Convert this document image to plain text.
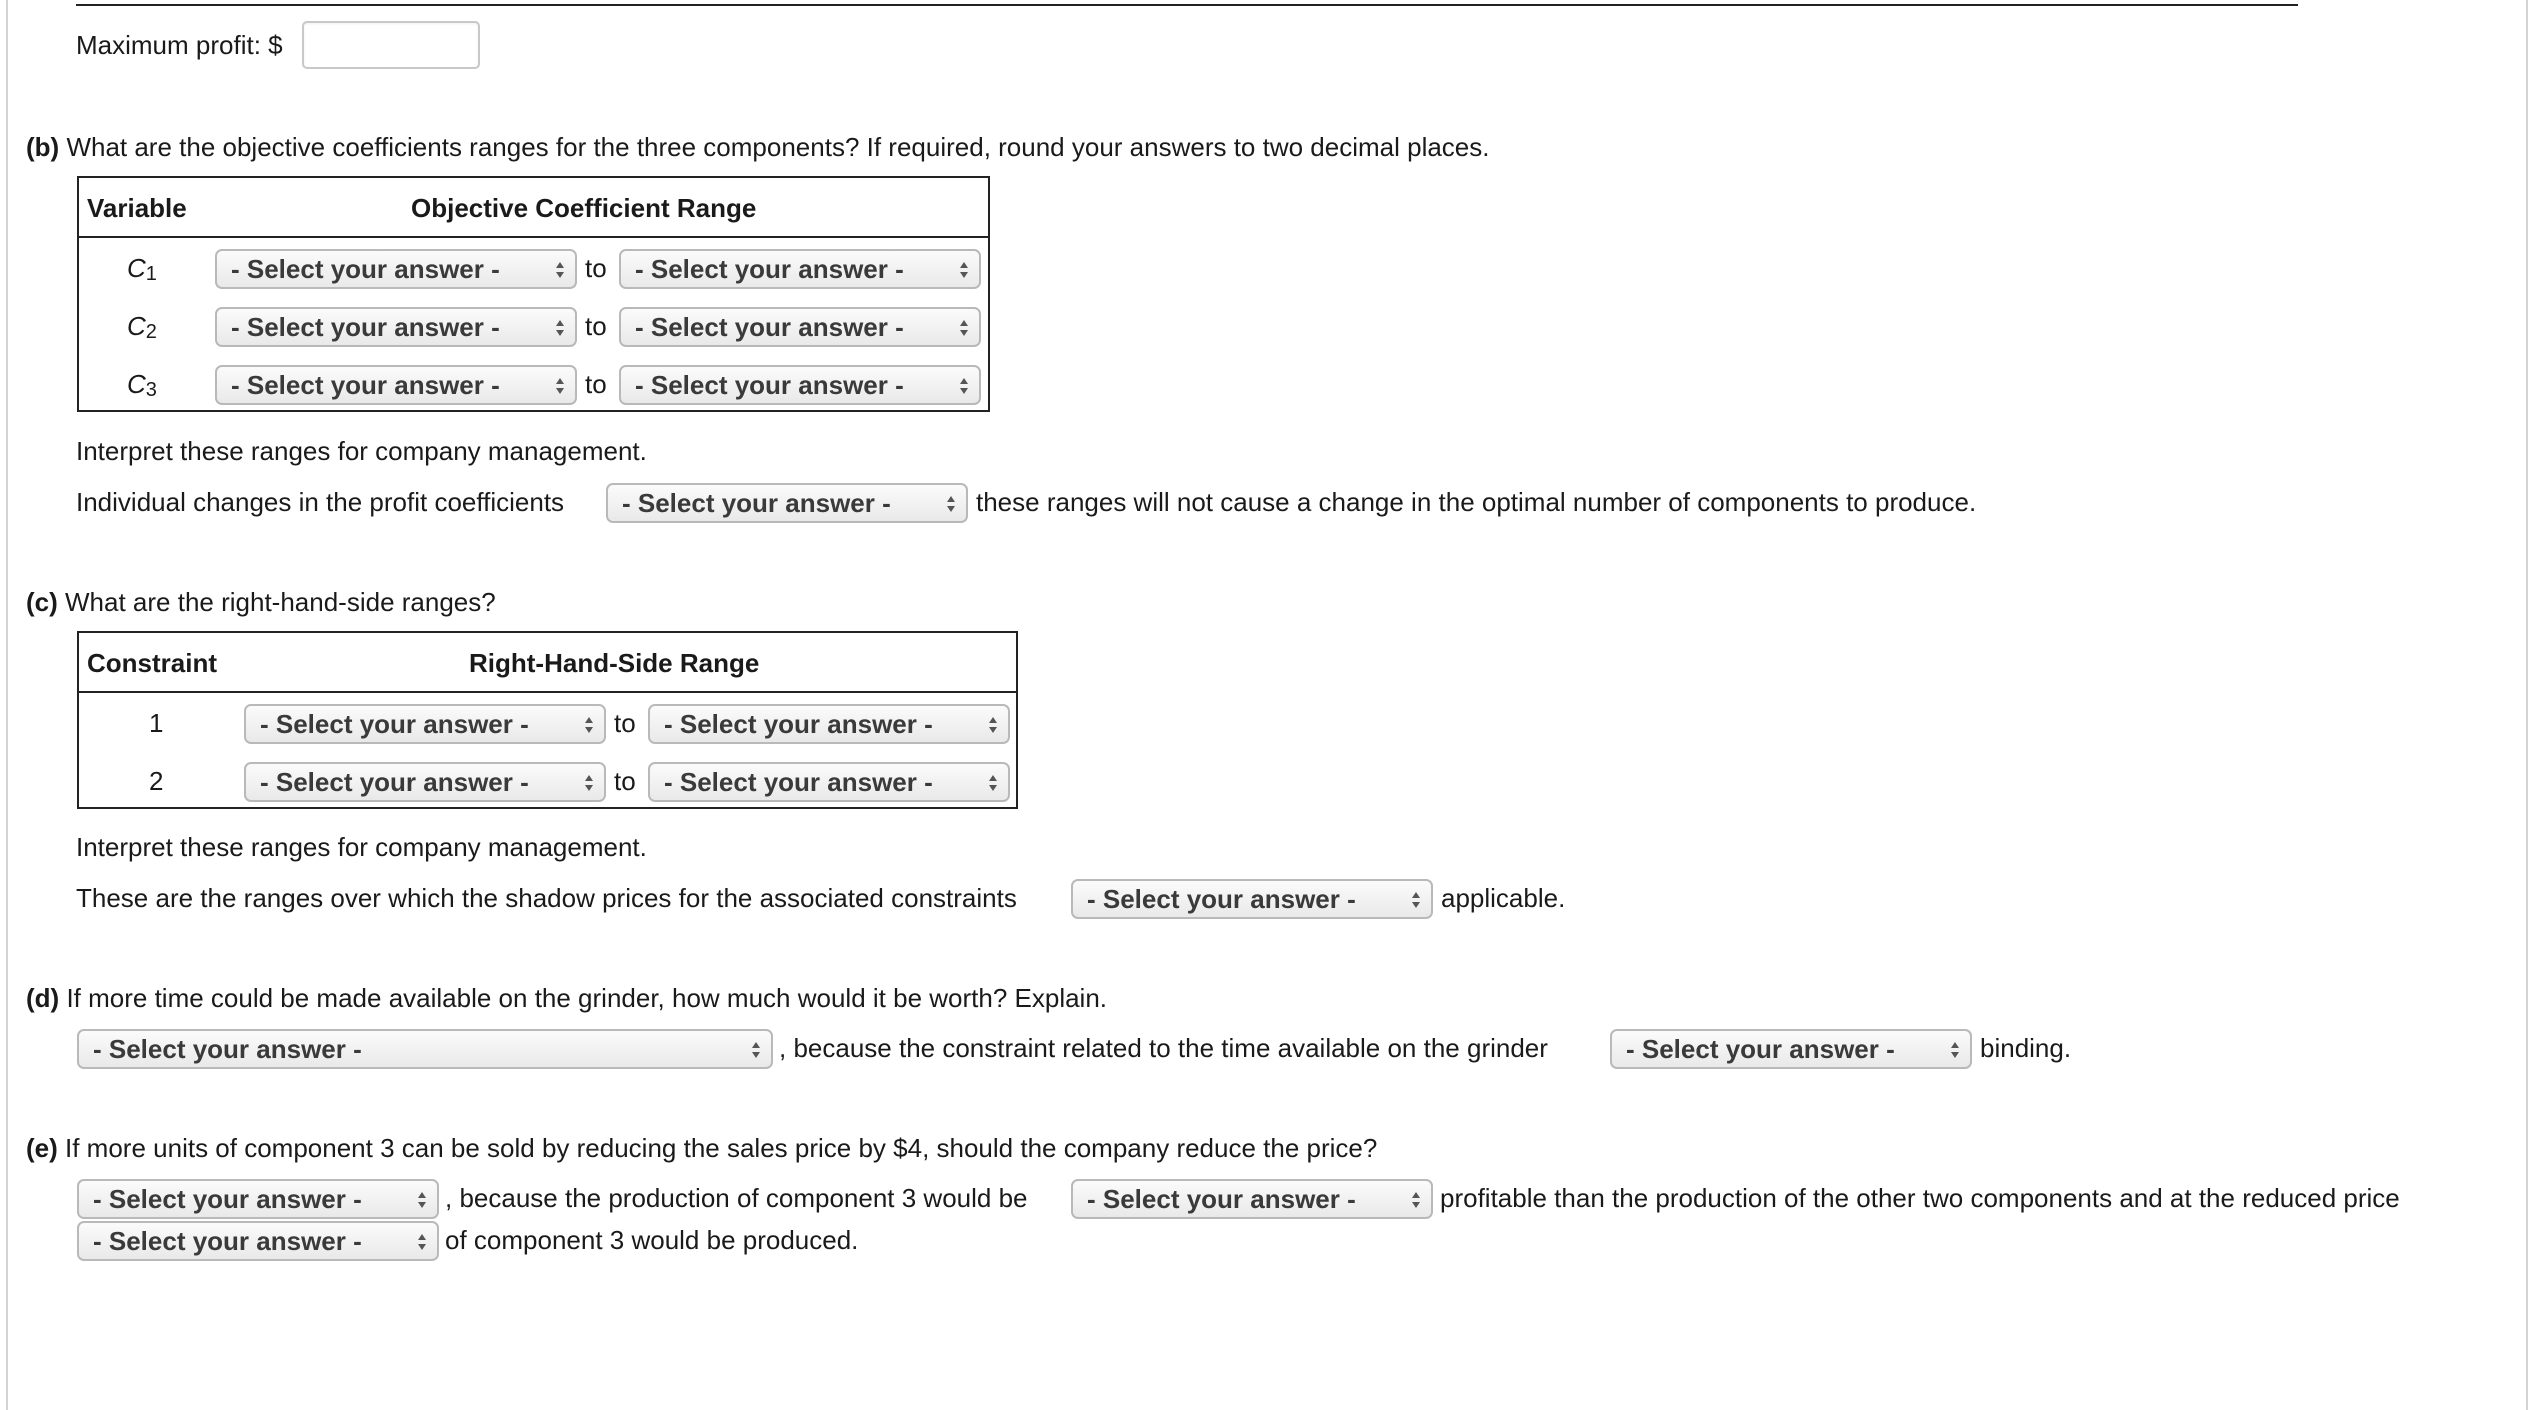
Maximum profit: $
(b) What are the objective coefficients ranges for the three components? If required, round your answers to two decimal places.
Variable	Objective Coefficient Range
$C_1$	- Select your answer -	to	- Select your answer -
$C_2$	- Select your answer -	to	- Select your answer -
$C_3$	- Select your answer -	to	- Select your answer -
Interpret these ranges for company management.
Individual changes in the profit coefficients	- Select your answer -	these ranges will not cause a change in the optimal number of components to produce.
(c) What are the right-hand-side ranges?
Constraint	Right-Hand-Side Range
1	- Select your answer -	to	- Select your answer -
2	- Select your answer -	to	- Select your answer -
Interpret these ranges for company management.
These are the ranges over which the shadow prices for the associated constraints	- Select your answer -	applicable.
(d) If more time could be made available on the grinder, how much would it be worth? Explain.
- Select your answer -	, because the constraint related to the time available on the grinder	- Select your answer -	binding.
(e) If more units of component 3 can be sold by reducing the sales price by $4, should the company reduce the price?
- Select your answer -	, because the production of component 3 would be	- Select your answer -	profitable than the production of the other two components and at the reduced price
- Select your answer -	of component 3 would be produced.
